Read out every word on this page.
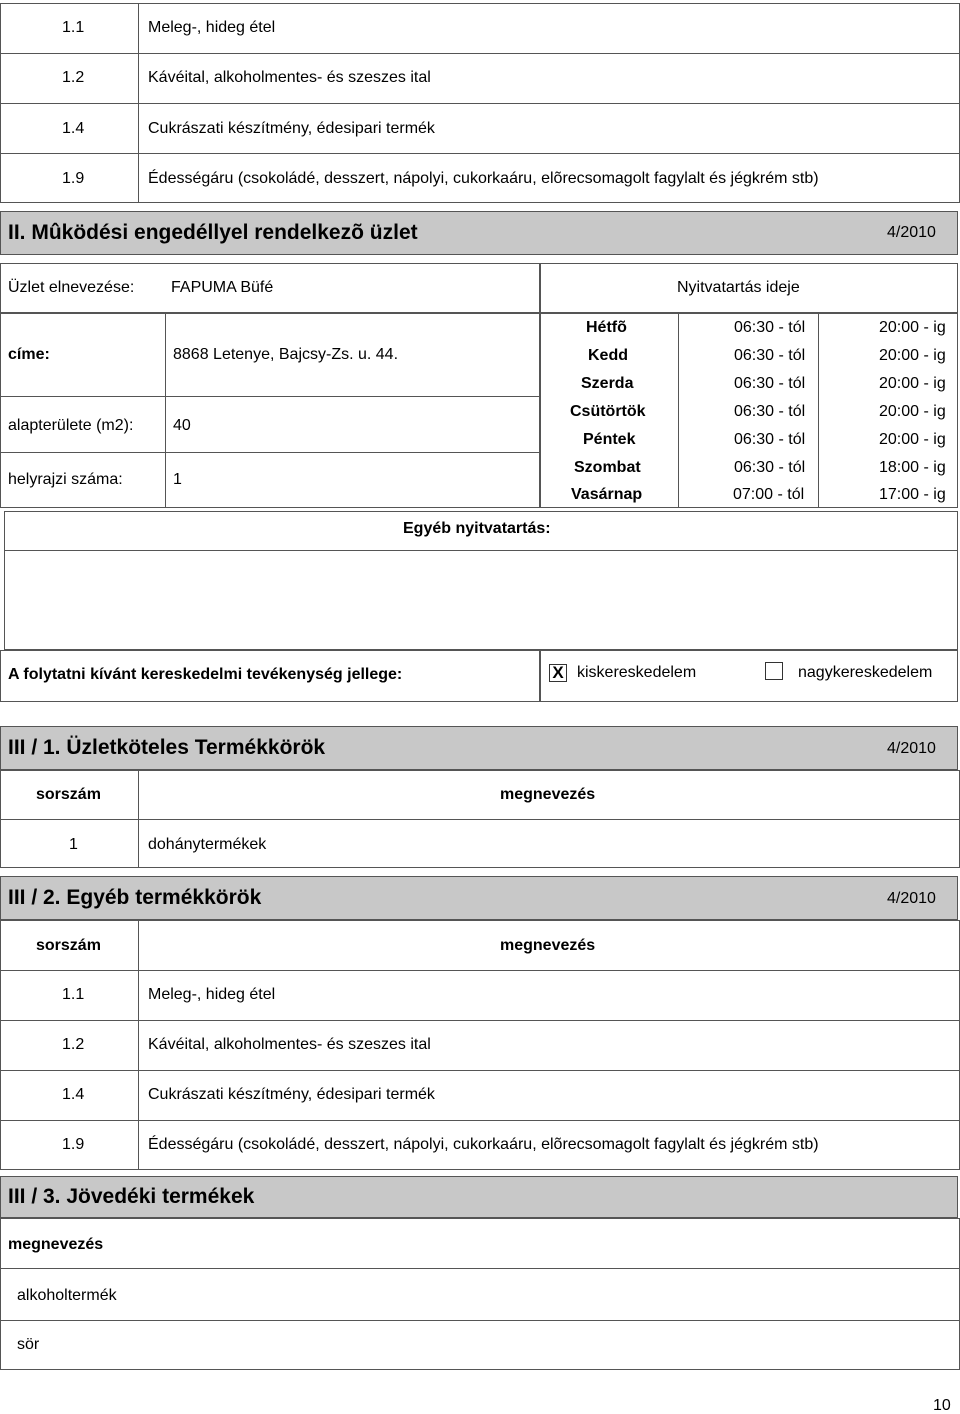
1.1	Meleg-, hideg étel
1.2	Kávéital, alkoholmentes- és szeszes ital
1.4	Cukrászati készítmény, édesipari termék
1.9	Édességáru (csokoládé, desszert, nápolyi, cukorkaáru, elõrecsomagolt fagylalt és jégkrém stb)
II. Mûködési engedéllyel rendelkezõ üzlet	4/2010
Üzlet elnevezése: FAPUMA Büfé
címe:	8868 Letenye, Bajcsy-Zs. u. 44.
alapterülete (m2): 40
helyrajzi száma:	1
Nyitvatartás ideje
Hétfõ	06:30 - tól	20:00 - ig
Kedd	06:30 - tól	20:00 - ig
Szerda	06:30 - tól	20:00 - ig
Csütörtök	06:30 - tól	20:00 - ig
Péntek	06:30 - tól	20:00 - ig
Szombat	06:30 - tól	18:00 - ig
Vasárnap	07:00 - tól	17:00 - ig
Egyéb nyitvatartás:
A folytatni kívánt kereskedelmi tevékenység jellege:	X kiskereskedelem	nagykereskedelem
III / 1. Üzletköteles Termékkörök	4/2010
sorszám	megnevezés
1	dohánytermékek
III / 2. Egyéb termékkörök	4/2010
sorszám	megnevezés
1.1	Meleg-, hideg étel
1.2	Kávéital, alkoholmentes- és szeszes ital
1.4	Cukrászati készítmény, édesipari termék
1.9	Édességáru (csokoládé, desszert, nápolyi, cukorkaáru, elõrecsomagolt fagylalt és jégkrém stb)
III / 3. Jövedéki termékek
megnevezés
alkoholtermék
sör
10
